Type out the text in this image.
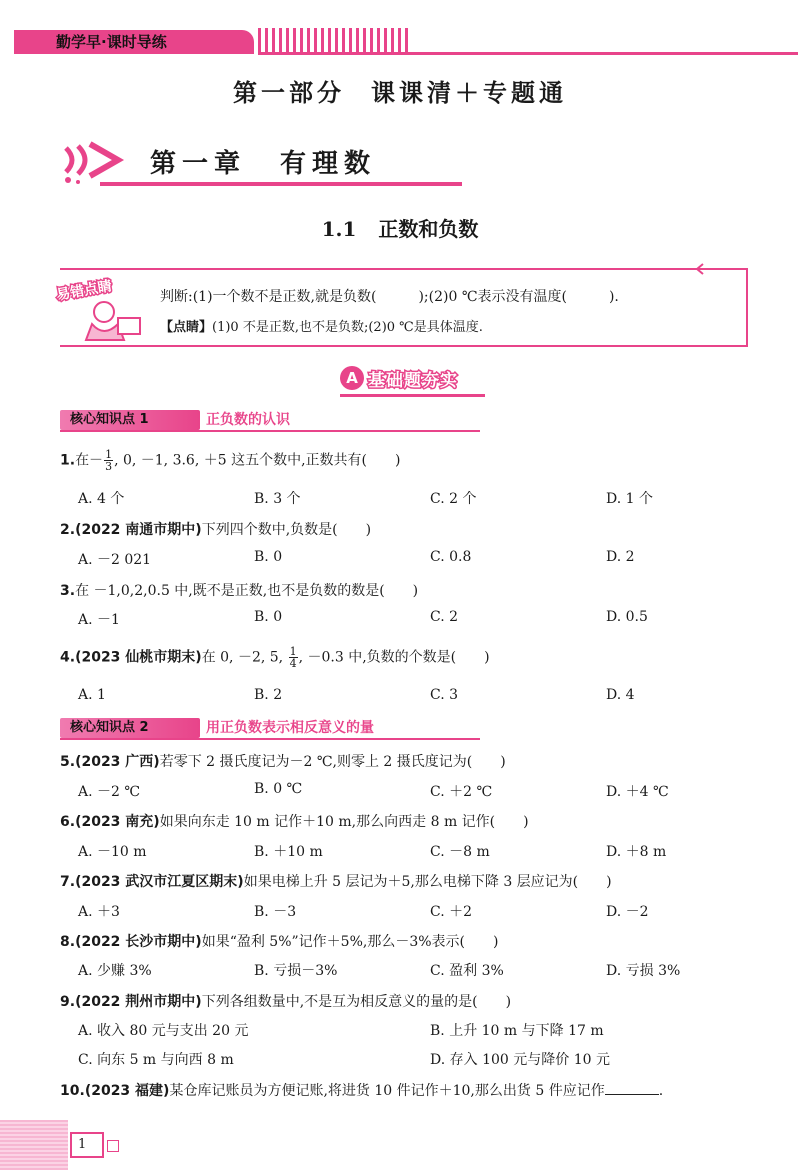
勤学早·课时导练
第一部分 课课清＋专题通
第一章 有理数
1.1 正数和负数
易错点睛	判断:(1)一个数不是正数,就是负数(　　　);(2)0 ℃表示没有温度(　　　).
【点睛】(1)0 不是正数,也不是负数;(2)0 ℃是具体温度.
A 基础题夯实
核心知识点 1	正负数的认识
1.在－ $\frac{1}{3}$ , 0, －1, 3.6, ＋5 这五个数中,正数共有(　　)
A. 4 个	B. 3 个	C. 2 个	D. 1 个
2.(2022 南通市期中)下列四个数中,负数是(　　)
A. －2 021	B. 0	C. 0.8	D. 2
3.在 －1,0,2,0.5 中,既不是正数,也不是负数的数是(　　)
A. －1	B. 0	C. 2	D. 0.5
4.(2023 仙桃市期末)在 0, －2, 5, $\frac{1}{4}$ , －0.3 中,负数的个数是(　　)
A. 1	B. 2	C. 3	D. 4
核心知识点 2	用正负数表示相反意义的量
5.(2023 广西)若零下 2 摄氏度记为－2 ℃,则零上 2 摄氏度记为(　　)
A. －2 ℃	B. 0 ℃	C. ＋2 ℃	D. ＋4 ℃
6.(2023 南充)如果向东走 10 m 记作＋10 m,那么向西走 8 m 记作(　　)
A. －10 m	B. ＋10 m	C. －8 m	D. ＋8 m
7.(2023 武汉市江夏区期末)如果电梯上升 5 层记为＋5,那么电梯下降 3 层应记为(　　)
A. ＋3	B. －3	C. ＋2	D. －2
8.(2022 长沙市期中)如果“盈利 5%”记作＋5%,那么－3%表示(　　)
A. 少赚 3%	B. 亏损－3%	C. 盈利 3%	D. 亏损 3%
9.(2022 荆州市期中)下列各组数量中,不是互为相反意义的量的是(　　)
A. 收入 80 元与支出 20 元	B. 上升 10 m 与下降 17 m
C. 向东 5 m 与向西 8 m	D. 存入 100 元与降价 10 元
10.(2023 福建)某仓库记账员为方便记账,将进货 10 件记作＋10,那么出货 5 件应记作	.
1
